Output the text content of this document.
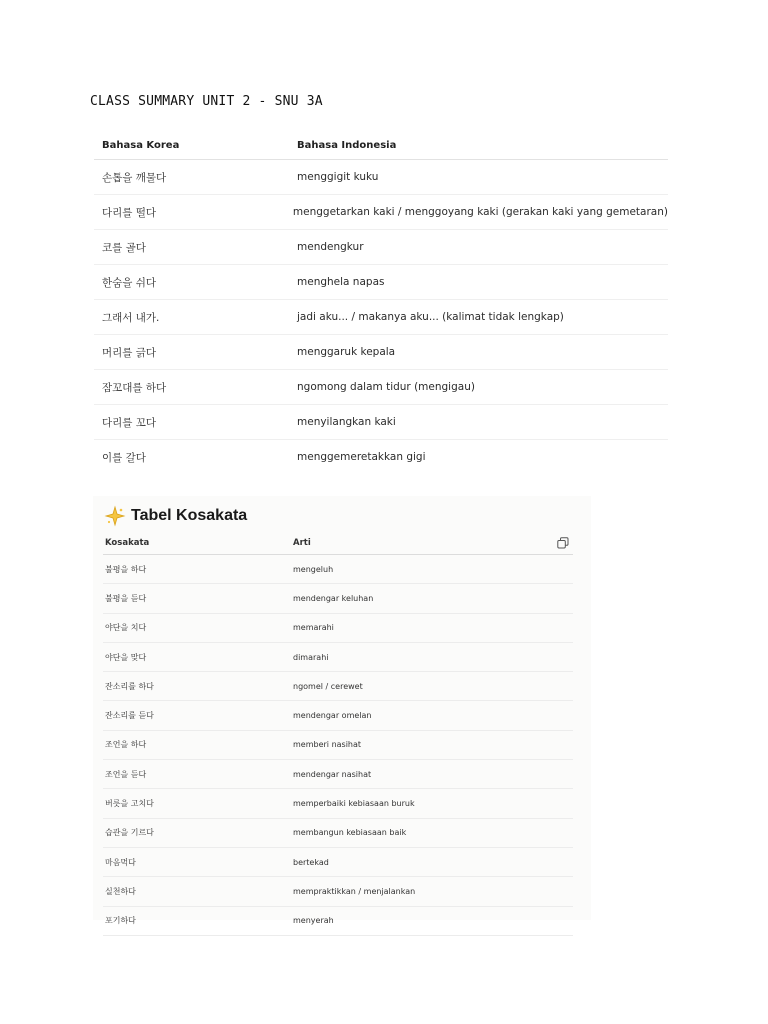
CLASS SUMMARY UNIT 2 - SNU 3A
Bahasa Korea	Bahasa Indonesia
손톱을 깨물다	menggigit kuku
다리를 떨다	menggetarkan kaki / menggoyang kaki (gerakan kaki yang gemetaran)
코를 골다	mendengkur
한숨을 쉬다	menghela napas
그래서 내가.	jadi aku... / makanya aku... (kalimat tidak lengkap)
머리를 긁다	menggaruk kepala
잠꼬대를 하다	ngomong dalam tidur (mengigau)
다리를 꼬다	menyilangkan kaki
이를 갈다	menggemeretakkan gigi
Tabel Kosakata
Kosakata	Arti
불평을 하다	mengeluh
불평을 듣다	mendengar keluhan
야단을 치다	memarahi
야단을 맞다	dimarahi
잔소리를 하다	ngomel / cerewet
잔소리를 듣다	mendengar omelan
조언을 하다	memberi nasihat
조언을 듣다	mendengar nasihat
버릇을 고치다	memperbaiki kebiasaan buruk
습관을 기르다	membangun kebiasaan baik
마음먹다	bertekad
실천하다	mempraktikkan / menjalankan
포기하다	menyerah
